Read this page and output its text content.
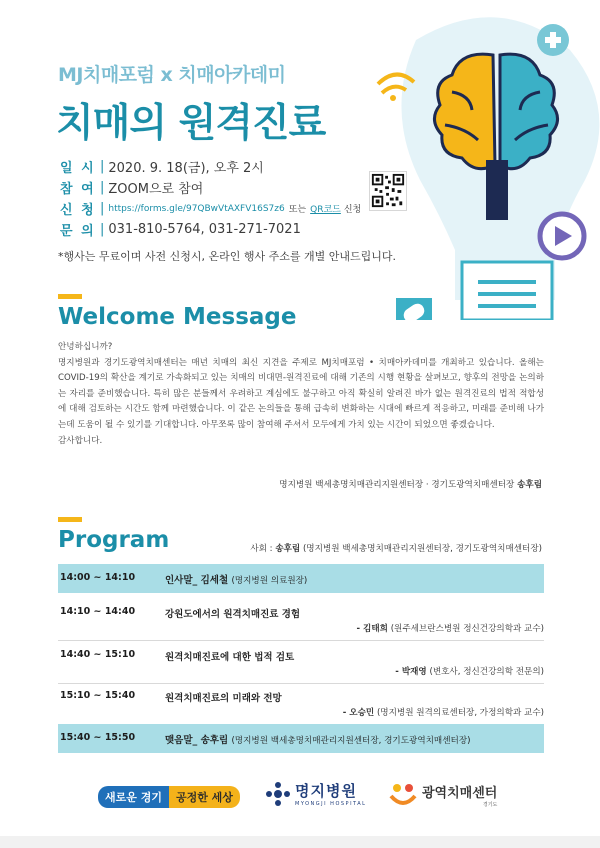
MJ치매포럼 x 치매아카데미
치매의 원격진료
일 시 | 2020. 9. 18(금), 오후 2시
참 여 | ZOOM으로 참여
신 청 | https://forms.gle/97QBwVtAXFV16S7z6 또는 QR코드 신청
문 의 | 031-810-5764, 031-271-7021
*행사는 무료이며 사전 신청시, 온라인 행사 주소를 개별 안내드립니다.
Welcome Message

안녕하십니까?

명지병원과 경기도광역치매센터는 매년 치매의 최신 지견을 주제로 MJ치매포럼 • 치매아카데미를 개최하고 있습니다. 올해는 COVID-19의 확산을 계기로 가속화되고 있는 치매의 비대면-원격진료에 대해 기존의 시행 현황을 살펴보고, 향후의 전망을 논의하는 자리를 준비했습니다. 특히 많은 분들께서 우려하고 계심에도 불구하고 아직 확실히 알려진 바가 없는 원격진료의 법적 적합성에 대해 검토하는 시간도 함께 마련했습니다. 이 같은 논의들을 통해 급속히 변화하는 시대에 빠르게 적응하고, 미래를 준비해 나가는데 도움이 될 수 있기를 기대합니다. 아무쪼록 많이 참여해 주셔서 모두에게 가치 있는 시간이 되었으면 좋겠습니다.

감사합니다.

명지병원 백세총명치매관리지원센터장 · 경기도광역치매센터장 송후림
Program	사회 : 송후림 (명지병원 백세총명치매관리지원센터장, 경기도광역치매센터장)
14:00 ~ 14:10	인사말_ 김세철 (명지병원 의료원장)
14:10 ~ 14:40	강원도에서의 원격치매진료 경험
- 김태희 (원주세브란스병원 정신건강의학과 교수)
14:40 ~ 15:10	원격치매진료에 대한 법적 검토
- 박재영 (변호사, 정신건강의학 전문의)
15:10 ~ 15:40	원격치매진료의 미래와 전망
- 오승민 (명지병원 원격의료센터장, 가정의학과 교수)
15:40 ~ 15:50	맺음말_ 송후림 (명지병원 백세총명치매관리지원센터장, 경기도광역치매센터장)
새로운 경기	공정한 세상	명지병원
MYONGJI HOSPITAL
광역치매센터
경기도
